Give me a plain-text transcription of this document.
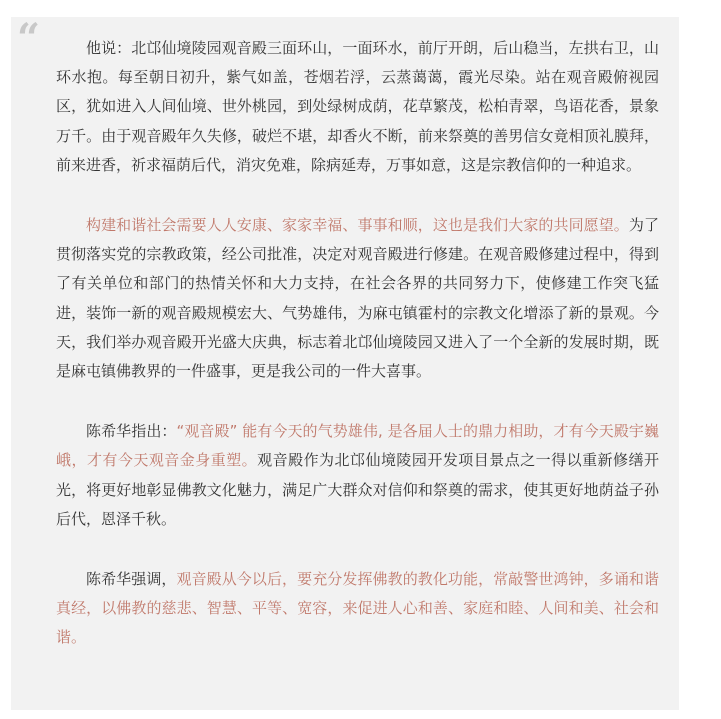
“	他说：北邙仙境陵园观音殿三面环山，一面环水，前厅开朗，后山稳当，左拱右卫，山环水抱。每至朝日初升，紫气如盖，苍烟若浮，云蒸蔼蔼，霞光尽染。站在观音殿俯视园区，犹如进入人间仙境、世外桃园，到处绿树成荫，花草繁茂，松柏青翠，鸟语花香，景象万千。由于观音殿年久失修，破烂不堪，却香火不断，前来祭奠的善男信女竟相顶礼膜拜，前来进香，祈求福荫后代，消灾免难，除病延寿，万事如意，这是宗教信仰的一种追求。

构建和谐社会需要人人安康、家家幸福、事事和顺，这也是我们大家的共同愿望。为了贯彻落实党的宗教政策，经公司批准，决定对观音殿进行修建。在观音殿修建过程中，得到了有关单位和部门的热情关怀和大力支持，在社会各界的共同努力下，使修建工作突飞猛进，装饰一新的观音殿规模宏大、气势雄伟，为麻屯镇霍村的宗教文化增添了新的景观。今天，我们举办观音殿开光盛大庆典，标志着北邙仙境陵园又进入了一个全新的发展时期，既是麻屯镇佛教界的一件盛事，更是我公司的一件大喜事。

陈希华指出：“观音殿” 能有今天的气势雄伟, 是各届人士的鼎力相助，才有今天殿宇巍峨，才有今天观音金身重塑。观音殿作为北邙仙境陵园开发项目景点之一得以重新修缮开光，将更好地彰显佛教文化魅力，满足广大群众对信仰和祭奠的需求，使其更好地荫益子孙后代，恩泽千秋。

陈希华强调，观音殿从今以后，要充分发挥佛教的教化功能，常敲警世鸿钟，多诵和谐真经，以佛教的慈悲、智慧、平等、宽容，来促进人心和善、家庭和睦、人间和美、社会和谐。
